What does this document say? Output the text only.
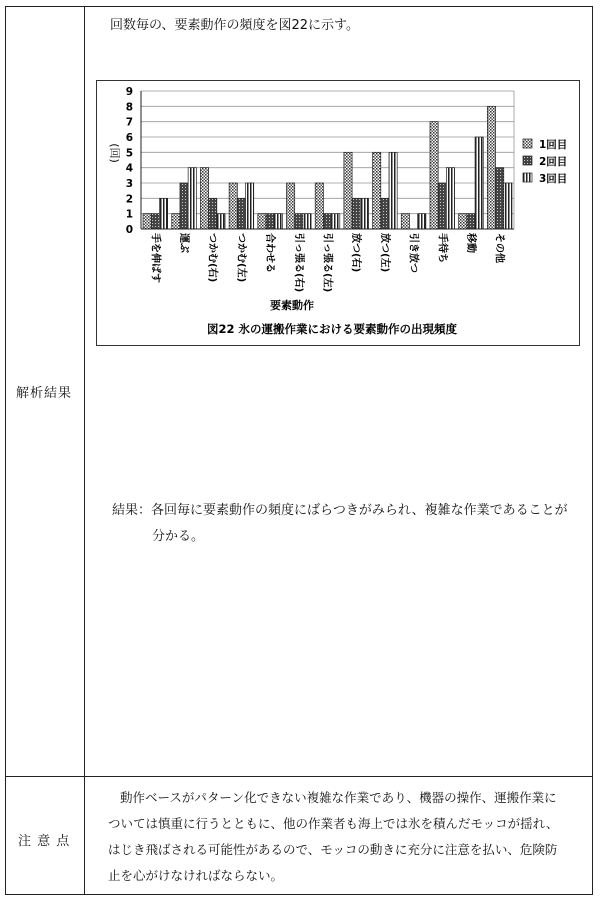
解析結果
注 意 点
回数毎の、要素動作の頻度を図22に示す。
0
1
2
3
4
5
6
7
8
9
手を伸ばす 運ぶ つかむ(右) つかむ(左) 合わせる 引っ張る(右) 引っ張る(左) 放つ(右) 放つ(左) 引き放つ 手待ち 移動 その他
1回目
2回目
3回目
(回)
要素動作
図22 氷の運搬作業における要素動作の出現頻度
結果：各回毎に要素動作の頻度にばらつきがみられ、複雑な作業であることが
分かる。
動作ベースがパターン化できない複雑な作業であり、機器の操作、運搬作業に
ついては慎重に行うとともに、他の作業者も海上では氷を積んだモッコが揺れ、
はじき飛ばされる可能性があるので、モッコの動きに充分に注意を払い、危険防
止を心がけなければならない。
